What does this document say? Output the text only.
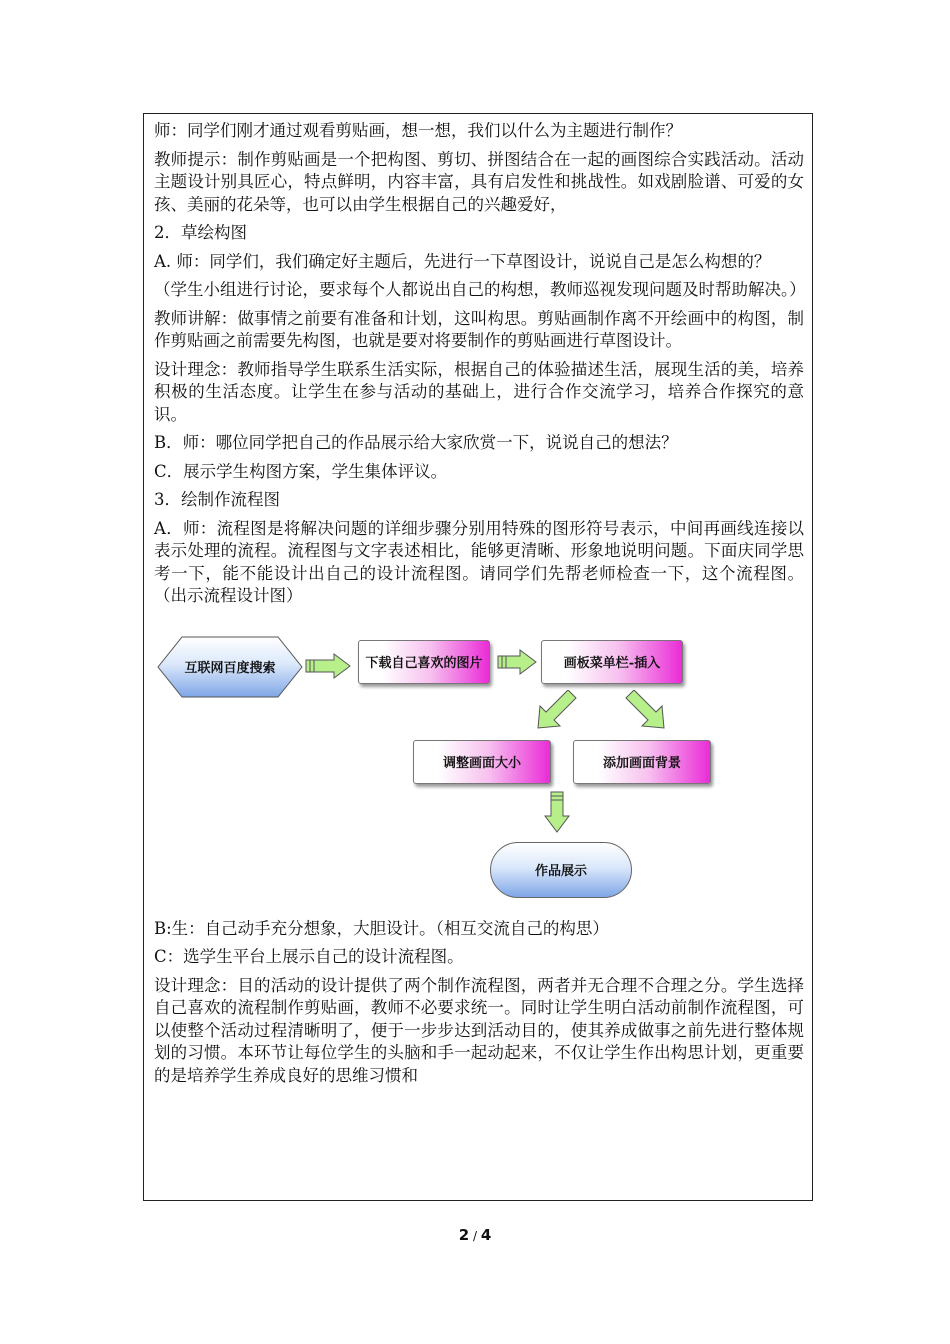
师：同学们刚才通过观看剪贴画，想一想，我们以什么为主题进行制作？

教师提示：制作剪贴画是一个把构图、剪切、拼图结合在一起的画图综合实践活动。活动主题设计别具匠心，特点鲜明，内容丰富，具有启发性和挑战性。如戏剧脸谱、可爱的女孩、美丽的花朵等，也可以由学生根据自己的兴趣爱好，

2．草绘构图

A. 师：同学们，我们确定好主题后，先进行一下草图设计，说说自己是怎么构想的？

（学生小组进行讨论，要求每个人都说出自己的构想，教师巡视发现问题及时帮助解决。）

教师讲解：做事情之前要有准备和计划，这叫构思。剪贴画制作离不开绘画中的构图，制作剪贴画之前需要先构图，也就是要对将要制作的剪贴画进行草图设计。

设计理念：教师指导学生联系生活实际，根据自己的体验描述生活，展现生活的美，培养积极的生活态度。让学生在参与活动的基础上，进行合作交流学习，培养合作探究的意识。

B．师：哪位同学把自己的作品展示给大家欣赏一下，说说自己的想法？

C．展示学生构图方案，学生集体评议。

3．绘制作流程图

A．师：流程图是将解决问题的详细步骤分别用特殊的图形符号表示，中间再画线连接以表示处理的流程。流程图与文字表述相比，能够更清晰、形象地说明问题。下面庆同学思考一下，能不能设计出自己的设计流程图。请同学们先帮老师检查一下，这个流程图。（出示流程设计图）

互联网百度搜索	下载自己喜欢的图片	画板菜单栏-插入
调整画面大小	添加画面背景
作品展示

B:生：自己动手充分想象，大胆设计。（相互交流自己的构思）

C：选学生平台上展示自己的设计流程图。

设计理念：目的活动的设计提供了两个制作流程图，两者并无合理不合理之分。学生选择自己喜欢的流程制作剪贴画，教师不必要求统一。同时让学生明白活动前制作流程图，可以使整个活动过程清晰明了，便于一步步达到活动目的，使其养成做事之前先进行整体规划的习惯。本环节让每位学生的头脑和手一起动起来，不仅让学生作出构思计划，更重要的是培养学生养成良好的思维习惯和

2 / 4
